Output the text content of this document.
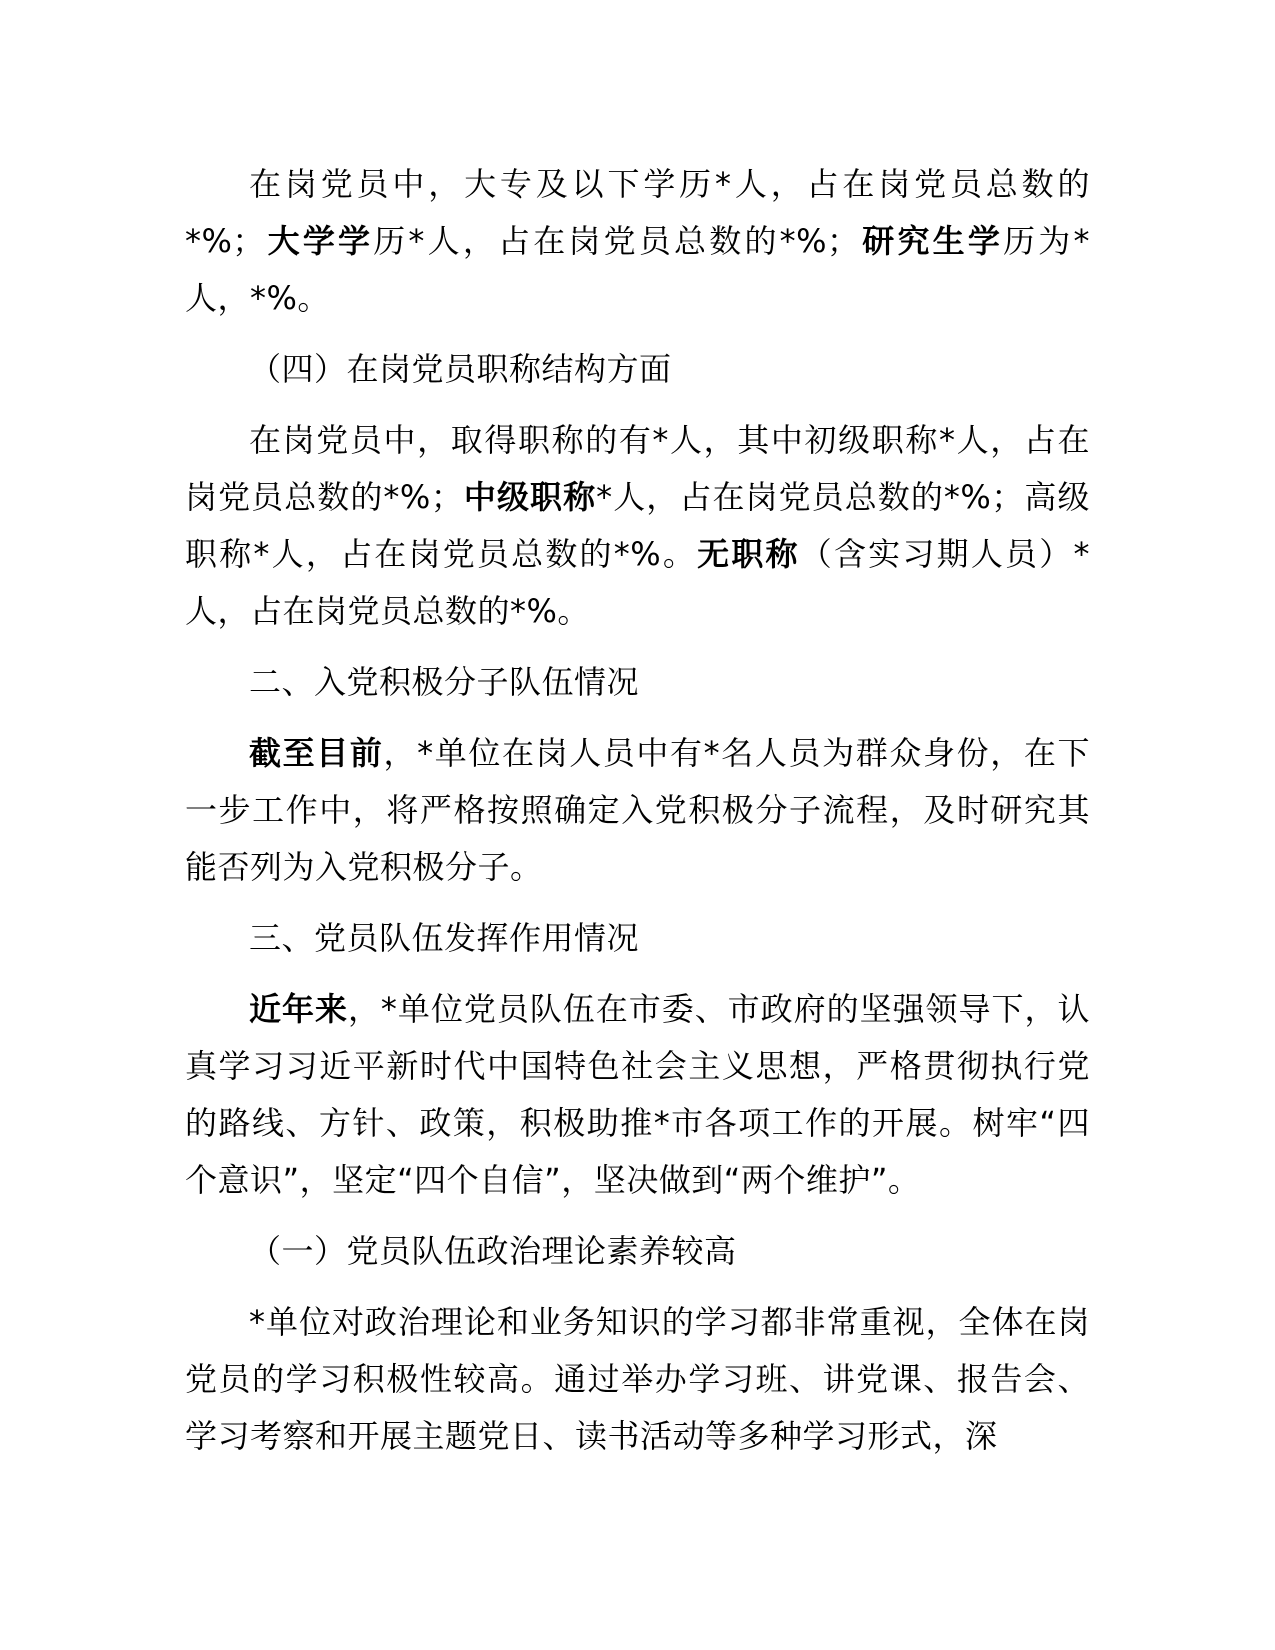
在岗党员中，大专及以下学历*人，占在岗党员总数的*%；大学学历*人，占在岗党员总数的*%；研究生学历为*人，*%。

（四）在岗党员职称结构方面

在岗党员中，取得职称的有*人，其中初级职称*人，占在岗党员总数的*%；中级职称*人，占在岗党员总数的*%；高级职称*人，占在岗党员总数的*%。无职称（含实习期人员）*人，占在岗党员总数的*%。

二、入党积极分子队伍情况

截至目前，*单位在岗人员中有*名人员为群众身份，在下一步工作中，将严格按照确定入党积极分子流程，及时研究其能否列为入党积极分子。

三、党员队伍发挥作用情况

近年来，*单位党员队伍在市委、市政府的坚强领导下，认真学习习近平新时代中国特色社会主义思想，严格贯彻执行党的路线、方针、政策，积极助推*市各项工作的开展。树牢“四个意识”，坚定“四个自信”，坚决做到“两个维护”。

（一）党员队伍政治理论素养较高

*单位对政治理论和业务知识的学习都非常重视，全体在岗党员的学习积极性较高。通过举办学习班、讲党课、报告会、学习考察和开展主题党日、读书活动等多种学习形式，深
